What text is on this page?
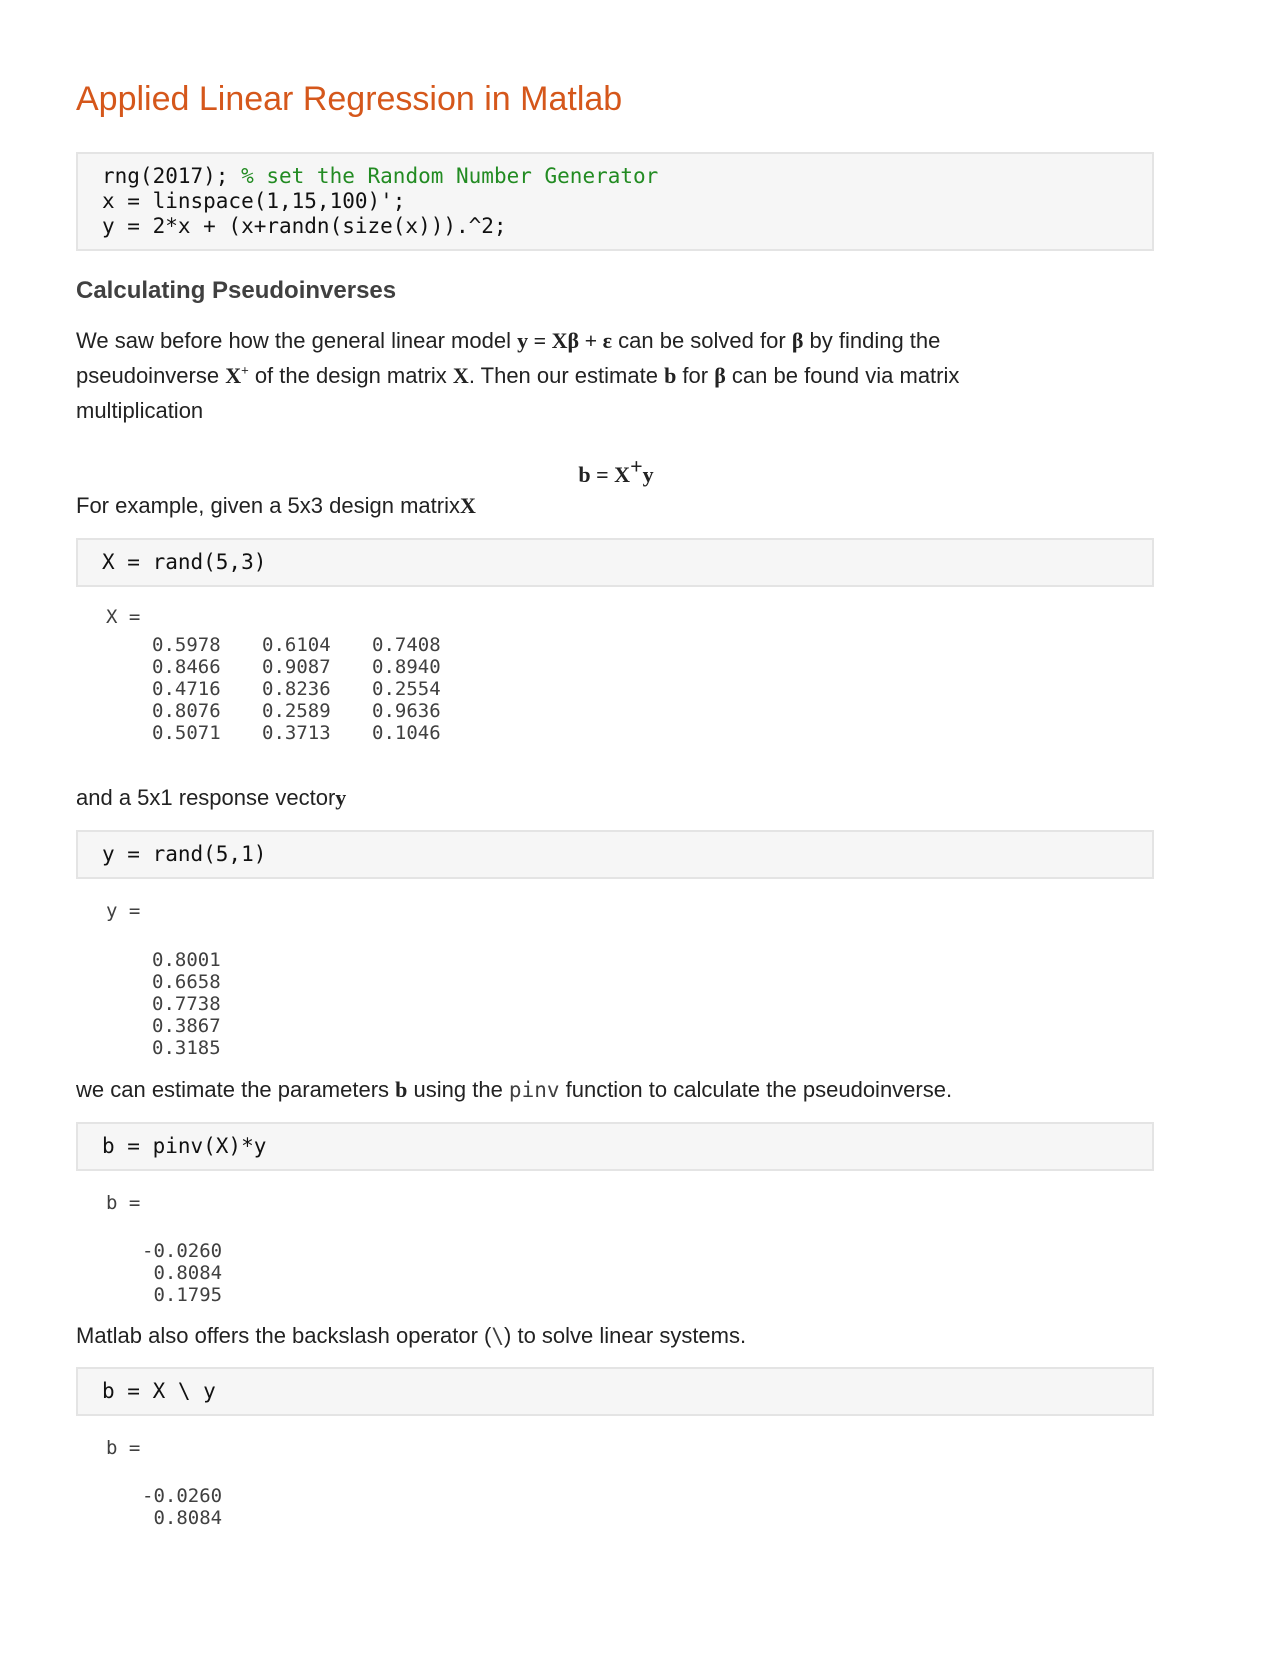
Applied Linear Regression in Matlab
rng(2017); % set the Random Number Generator
x = linspace(1,15,100)';
y = 2*x + (x+randn(size(x))).^2;
Calculating Pseudoinverses
We saw before how the general linear model y = Xβ + ε can be solved for β by finding the
pseudoinverse X+ of the design matrix X. Then our estimate b for β can be found via matrix
multiplication
b = X+y
For example, given a 5x3 design matrixX
X = rand(5,3)
X =

0.5978 0.6104 0.7408
0.8466 0.9087 0.8940
0.4716 0.8236 0.2554
0.8076 0.2589 0.9636
0.5071 0.3713 0.1046
and a 5x1 response vectory
y = rand(5,1)
y =

0.8001
0.6658
0.7738
0.3867
0.3185
we can estimate the parameters b using the pinv function to calculate the pseudoinverse.
b = pinv(X)*y
b =

-0.0260
0.8084
0.1795
Matlab also offers the backslash operator (\) to solve linear systems.
b = X \ y
b =

-0.0260
0.8084
